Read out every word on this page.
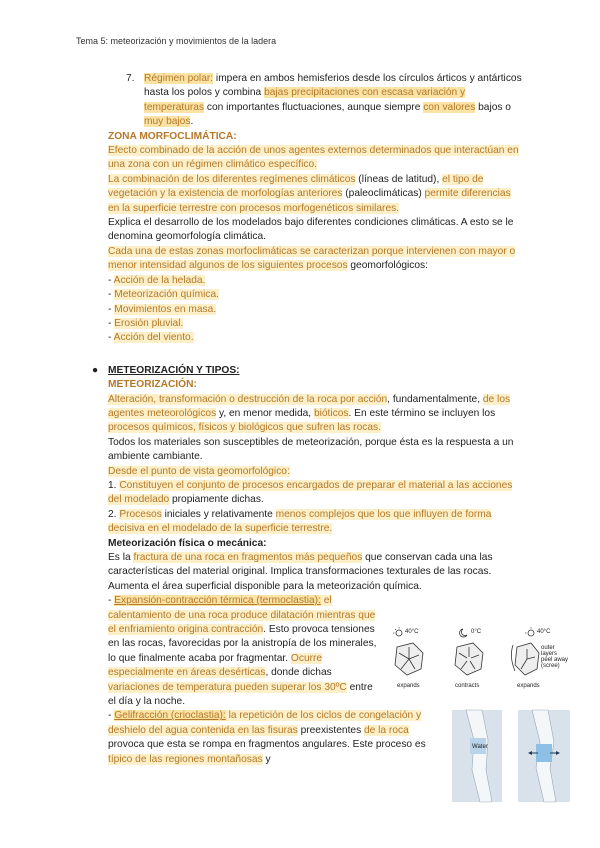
Tema 5: meteorización y movimientos de la ladera

7. Régimen polar: impera en ambos hemisferios desde los círculos árticos y antárticos hasta los polos y combina bajas precipitaciones con escasa variación y temperaturas con importantes fluctuaciones, aunque siempre con valores bajos o muy bajos.

ZONA MORFOCLIMÁTICA:

Efecto combinado de la acción de unos agentes externos determinados que interactúan en una zona con un régimen climático específico.

La combinación de los diferentes regímenes climáticos (líneas de latitud), el tipo de vegetación y la existencia de morfologías anteriores (paleoclimáticas) permite diferencias en la superficie terrestre con procesos morfogenéticos similares.

Explica el desarrollo de los modelados bajo diferentes condiciones climáticas. A esto se le denomina geomorfología climática.

Cada una de estas zonas morfoclimáticas se caracterizan porque intervienen con mayor o menor intensidad algunos de los siguientes procesos geomorfológicos:

- Acción de la helada.

- Meteorización química.

- Movimientos en masa.

- Erosión pluvial.

- Acción del viento.

● METEORIZACIÓN Y TIPOS:

METEORIZACIÓN:

Alteración, transformación o destrucción de la roca por acción, fundamentalmente, de los agentes meteorológicos y, en menor medida, bióticos. En este término se incluyen los procesos químicos, físicos y biológicos que sufren las rocas.

Todos los materiales son susceptibles de meteorización, porque ésta es la respuesta a un ambiente cambiante.

Desde el punto de vista geomorfológico:

1. Constituyen el conjunto de procesos encargados de preparar el material a las acciones del modelado propiamente dichas.

2. Procesos iniciales y relativamente menos complejos que los que influyen de forma decisiva en el modelado de la superficie terrestre.

Meteorización física o mecánica:

Es la fractura de una roca en fragmentos más pequeños que conservan cada una las características del material original. Implica transformaciones texturales de las rocas. Aumenta el área superficial disponible para la meteorización química.

- Expansión-contracción térmica (termoclastia): el calentamiento de una roca produce dilatación mientras que el enfriamiento origina contracción. Esto provoca tensiones en las rocas, favorecidas por la anistropía de los minerales, lo que finalmente acaba por fragmentar. Ocurre especialmente en áreas desérticas, donde dichas variaciones de temperatura pueden superar los 30ºC entre el día y la noche.

- Gelifracción (crioclastia): la repetición de los ciclos de congelación y deshielo del agua contenida en las fisuras preexistentes de la roca provoca que esta se rompa en fragmentos angulares. Este proceso es típico de las regiones montañosas y

40°C
expands
0°C
contracts
40°C
outer
layers
peel away
(scree)
expands
Water
